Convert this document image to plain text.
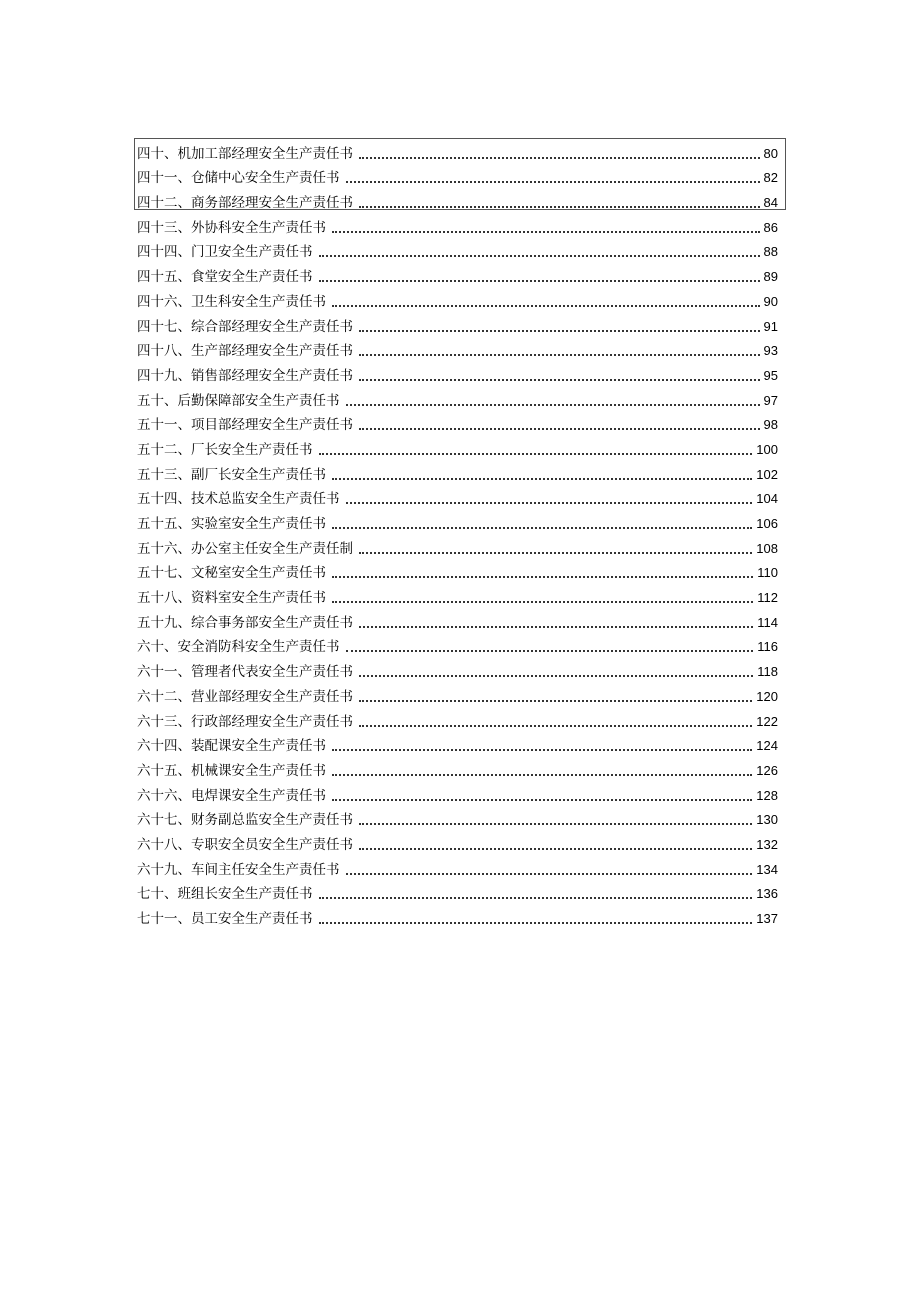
四十、机加工部经理安全生产责任书	80
四十一、仓储中心安全生产责任书	82
四十二、商务部经理安全生产责任书	84
四十三、外协科安全生产责任书	86
四十四、门卫安全生产责任书	88
四十五、食堂安全生产责任书	89
四十六、卫生科安全生产责任书	90
四十七、综合部经理安全生产责任书	91
四十八、生产部经理安全生产责任书	93
四十九、销售部经理安全生产责任书	95
五十、后勤保障部安全生产责任书	97
五十一、项目部经理安全生产责任书	98
五十二、厂长安全生产责任书	100
五十三、副厂长安全生产责任书	102
五十四、技术总监安全生产责任书	104
五十五、实验室安全生产责任书	106
五十六、办公室主任安全生产责任制	108
五十七、文秘室安全生产责任书	110
五十八、资料室安全生产责任书	112
五十九、综合事务部安全生产责任书	114
六十、安全消防科安全生产责任书	116
六十一、管理者代表安全生产责任书	118
六十二、营业部经理安全生产责任书	120
六十三、行政部经理安全生产责任书	122
六十四、装配课安全生产责任书	124
六十五、机械课安全生产责任书	126
六十六、电焊课安全生产责任书	128
六十七、财务副总监安全生产责任书	130
六十八、专职安全员安全生产责任书	132
六十九、车间主任安全生产责任书	134
七十、班组长安全生产责任书	136
七十一、员工安全生产责任书	137
